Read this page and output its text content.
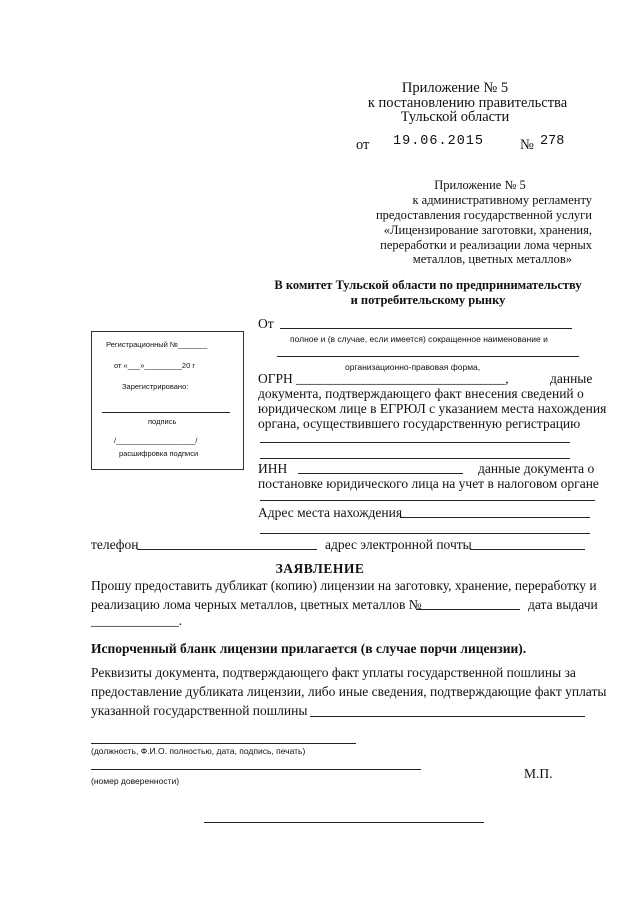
Приложение № 5
к постановлению правительства
Тульской области
от 19.06.2015 № 278
Приложение № 5
к административному регламенту
предоставления государственной услуги
«Лицензирование заготовки, хранения,
переработки и реализации лома черных
металлов, цветных металлов»
В комитет Тульской области по предпринимательству
и потребительскому рынку
Регистрационный №_______
от «___»_________20 г
Зарегистрировано:
подпись
/___________________/
расшифровка подписи
От
полное и (в случае, если имеется) сокращенное наименование и
организационно-правовая форма,
ОГРН _______________________________,	данные
документа, подтверждающего факт внесения сведений о
юридическом лице в ЕГРЮЛ с указанием места нахождения
органа, осуществившего государственную регистрацию
ИНН	данные документа о
постановке юридического лица на учет в налоговом органе
Адрес места нахождения
телефон	адрес электронной почты
ЗАЯВЛЕНИЕ
Прошу предоставить дубликат (копию) лицензии на заготовку, хранение, переработку и
реализацию лома черных металлов, цветных металлов №	дата выдачи
_____________.
Испорченный бланк лицензии прилагается (в случае порчи лицензии).
Реквизиты документа, подтверждающего факт уплаты государственной пошлины за
предоставление дубликата лицензии, либо иные сведения, подтверждающие факт уплаты
указанной государственной пошлины
(должность, Ф.И.О. полностью, дата, подпись, печать)
(номер доверенности)	М.П.
